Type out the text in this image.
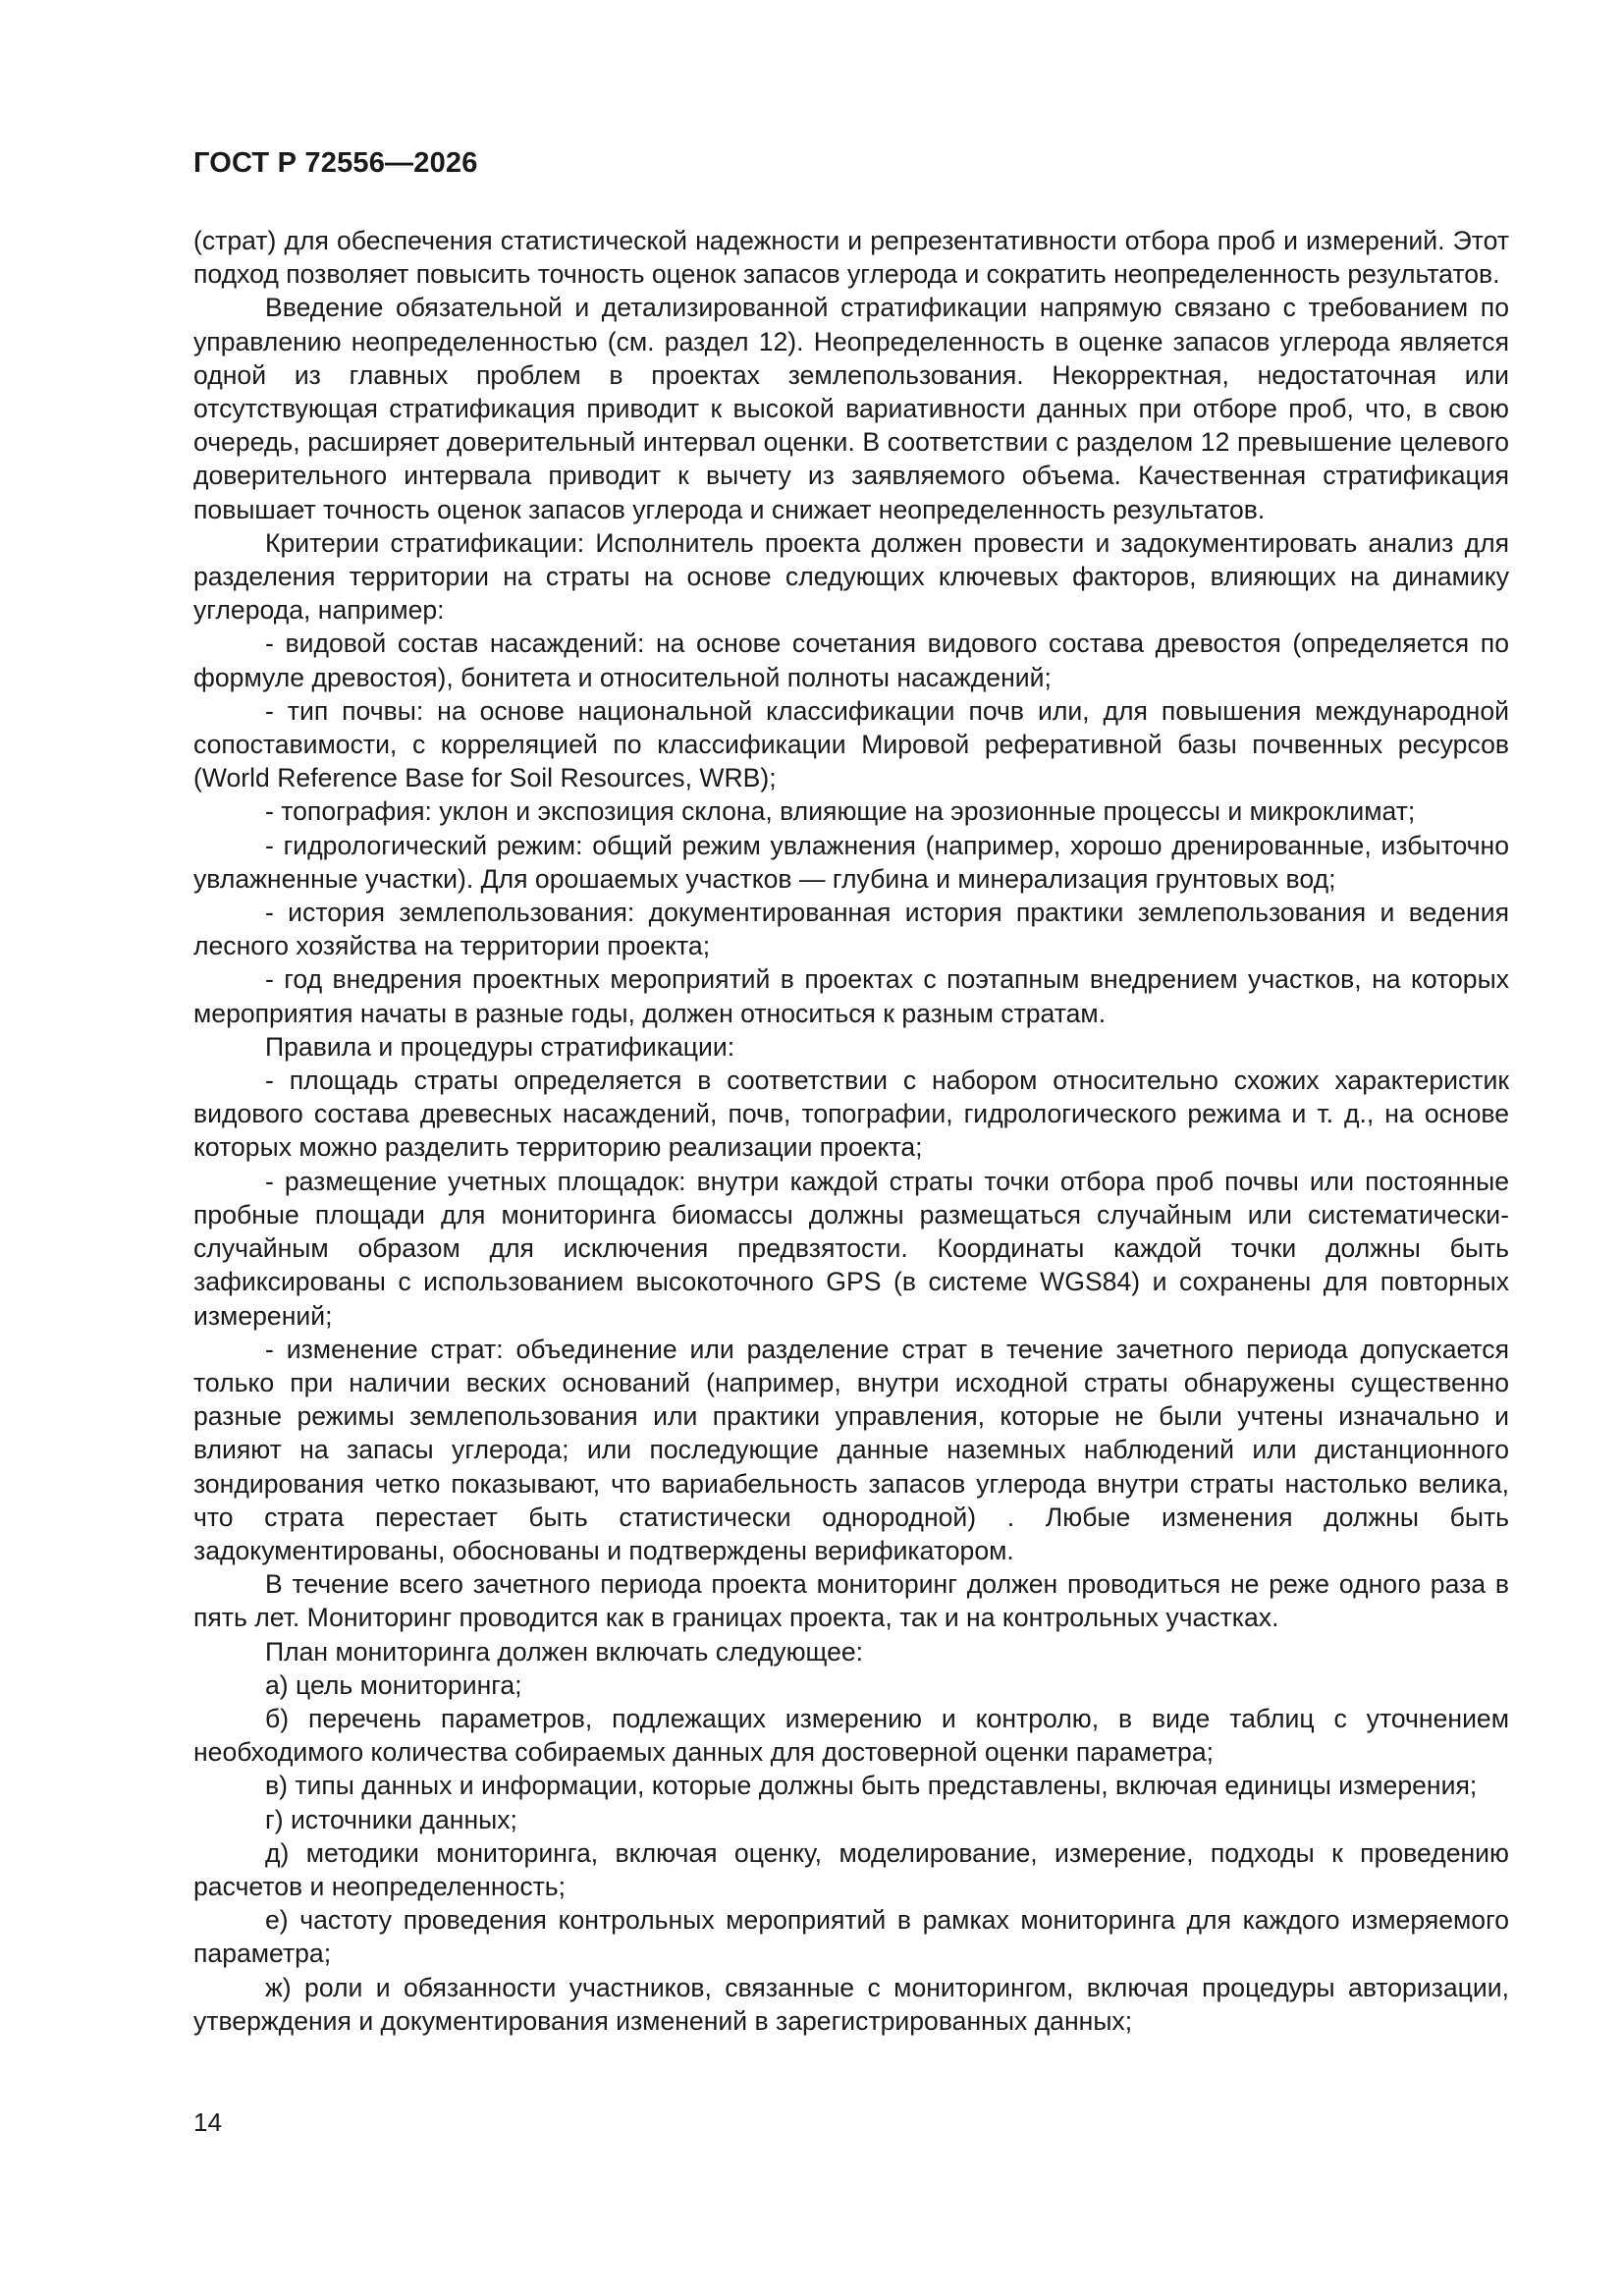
ГОСТ Р 72556—2026

(страт) для обеспечения статистической надежности и репрезентативности отбора проб и измерений. Этот подход позволяет повысить точность оценок запасов углерода и сократить неопределенность результатов.

Введение обязательной и детализированной стратификации напрямую связано с требованием по управлению неопределенностью (см. раздел 12). Неопределенность в оценке запасов углерода является одной из главных проблем в проектах землепользования. Некорректная, недостаточная или отсутствующая стратификация приводит к высокой вариативности данных при отборе проб, что, в свою очередь, расширяет доверительный интервал оценки. В соответствии с разделом 12 превышение целевого доверительного интервала приводит к вычету из заявляемого объема. Качественная стратификация повышает точность оценок запасов углерода и снижает неопределенность результатов.

Критерии стратификации: Исполнитель проекта должен провести и задокументировать анализ для разделения территории на страты на основе следующих ключевых факторов, влияющих на динамику углерода, например:

- видовой состав насаждений: на основе сочетания видового состава древостоя (определяется по формуле древостоя), бонитета и относительной полноты насаждений;

- тип почвы: на основе национальной классификации почв или, для повышения международной сопоставимости, с корреляцией по классификации Мировой реферативной базы почвенных ресурсов (World Reference Base for Soil Resources, WRB);

- топография: уклон и экспозиция склона, влияющие на эрозионные процессы и микроклимат;

- гидрологический режим: общий режим увлажнения (например, хорошо дренированные, избыточно увлажненные участки). Для орошаемых участков — глубина и минерализация грунтовых вод;

- история землепользования: документированная история практики землепользования и ведения лесного хозяйства на территории проекта;

- год внедрения проектных мероприятий в проектах с поэтапным внедрением участков, на которых мероприятия начаты в разные годы, должен относиться к разным стратам.

Правила и процедуры стратификации:

- площадь страты определяется в соответствии с набором относительно схожих характеристик видового состава древесных насаждений, почв, топографии, гидрологического режима и т. д., на основе которых можно разделить территорию реализации проекта;

- размещение учетных площадок: внутри каждой страты точки отбора проб почвы или постоянные пробные площади для мониторинга биомассы должны размещаться случайным или систематически-случайным образом для исключения предвзятости. Координаты каждой точки должны быть зафиксированы с использованием высокоточного GPS (в системе WGS84) и сохранены для повторных измерений;

- изменение страт: объединение или разделение страт в течение зачетного периода допускается только при наличии веских оснований (например, внутри исходной страты обнаружены существенно разные режимы землепользования или практики управления, которые не были учтены изначально и влияют на запасы углерода; или последующие данные наземных наблюдений или дистанционного зондирования четко показывают, что вариабельность запасов углерода внутри страты настолько велика, что страта перестает быть статистически однородной) . Любые изменения должны быть задокументированы, обоснованы и подтверждены верификатором.

В течение всего зачетного периода проекта мониторинг должен проводиться не реже одного раза в пять лет. Мониторинг проводится как в границах проекта, так и на контрольных участках.

План мониторинга должен включать следующее:

а) цель мониторинга;

б) перечень параметров, подлежащих измерению и контролю, в виде таблиц с уточнением необходимого количества собираемых данных для достоверной оценки параметра;

в) типы данных и информации, которые должны быть представлены, включая единицы измерения;

г) источники данных;

д) методики мониторинга, включая оценку, моделирование, измерение, подходы к проведению расчетов и неопределенность;

е) частоту проведения контрольных мероприятий в рамках мониторинга для каждого измеряемого параметра;

ж) роли и обязанности участников, связанные с мониторингом, включая процедуры авторизации, утверждения и документирования изменений в зарегистрированных данных;

14
